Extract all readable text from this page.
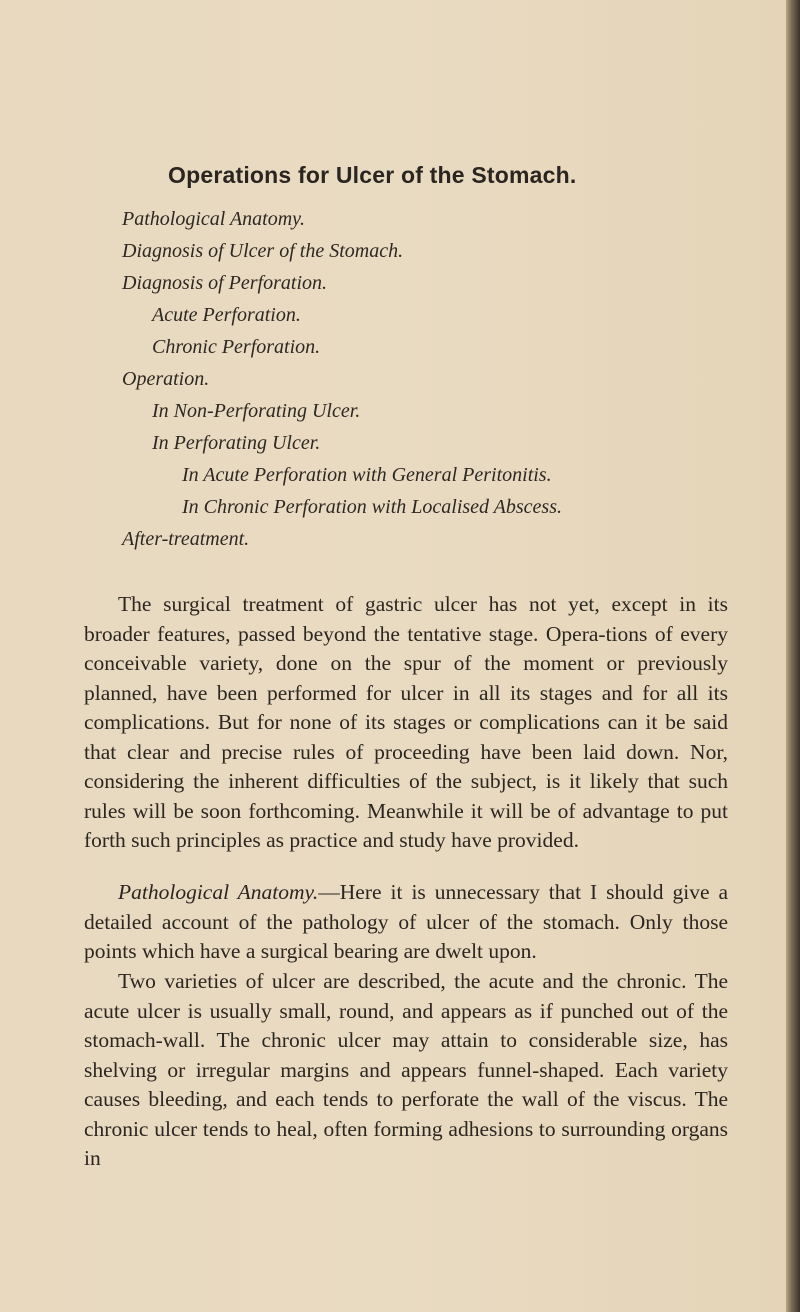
Operations for Ulcer of the Stomach.
Pathological Anatomy.
Diagnosis of Ulcer of the Stomach.
Diagnosis of Perforation.
Acute Perforation.
Chronic Perforation.
Operation.
In Non-Perforating Ulcer.
In Perforating Ulcer.
In Acute Perforation with General Peritonitis.
In Chronic Perforation with Localised Abscess.
After-treatment.

The surgical treatment of gastric ulcer has not yet, except in its broader features, passed beyond the tentative stage. Opera-tions of every conceivable variety, done on the spur of the moment or previously planned, have been performed for ulcer in all its stages and for all its complications. But for none of its stages or complications can it be said that clear and precise rules of proceeding have been laid down. Nor, considering the inherent difficulties of the subject, is it likely that such rules will be soon forthcoming. Meanwhile it will be of advantage to put forth such principles as practice and study have provided.

Pathological Anatomy.—Here it is unnecessary that I should give a detailed account of the pathology of ulcer of the stomach. Only those points which have a surgical bearing are dwelt upon.

Two varieties of ulcer are described, the acute and the chronic. The acute ulcer is usually small, round, and appears as if punched out of the stomach-wall. The chronic ulcer may attain to considerable size, has shelving or irregular margins and appears funnel-shaped. Each variety causes bleeding, and each tends to perforate the wall of the viscus. The chronic ulcer tends to heal, often forming adhesions to surrounding organs in
